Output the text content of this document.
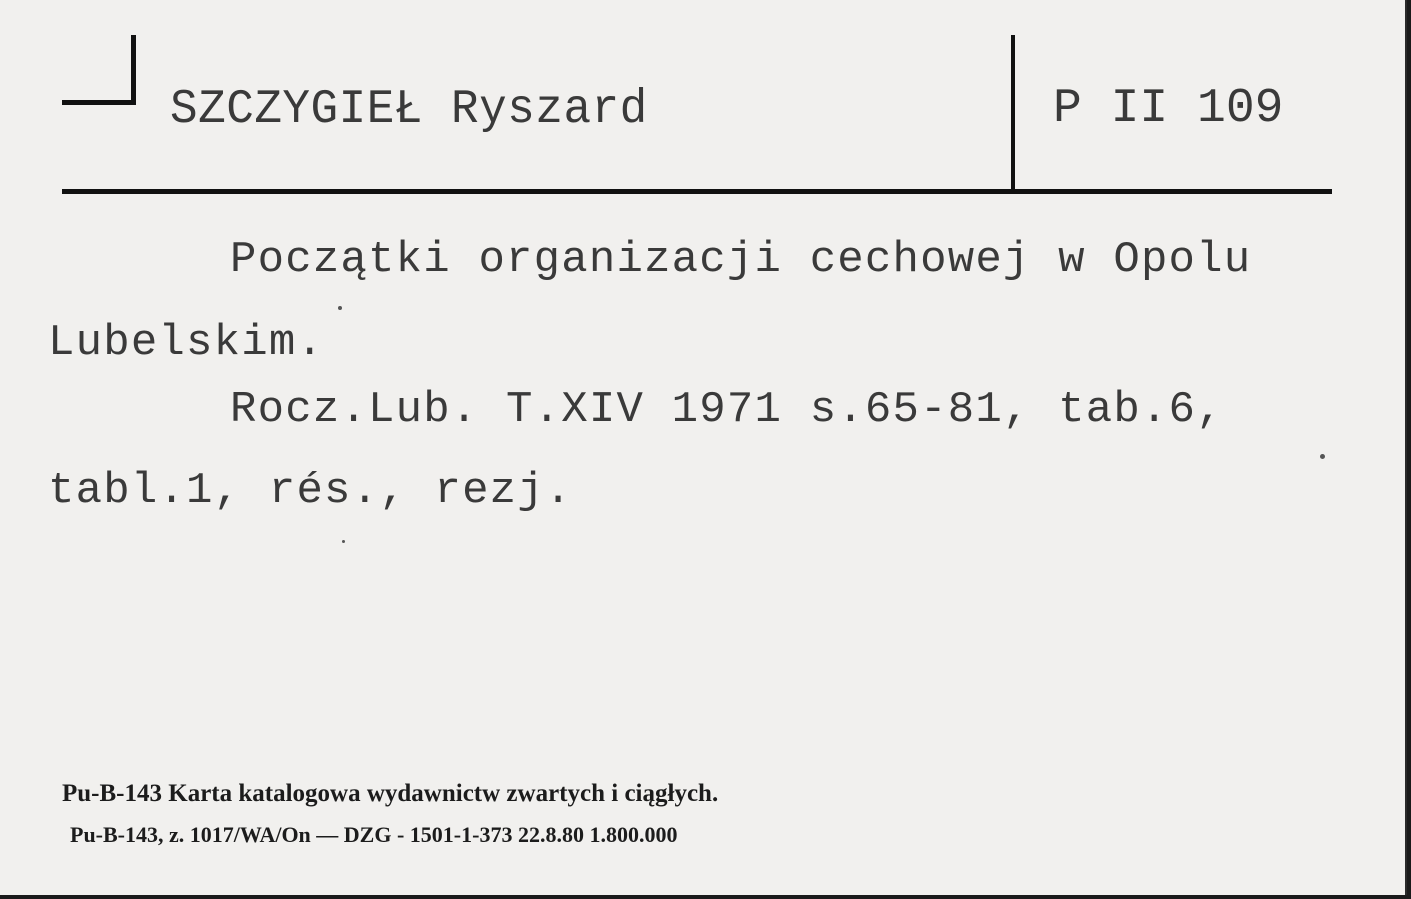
SZCZYGIEŁ Ryszard	P II 109
Początki organizacji cechowej w Opolu
Lubelskim.
Rocz.Lub. T.XIV 1971 s.65-81, tab.6,
tabl.1, rés., rezj.
Pu-B-143 Karta katalogowa wydawnictw zwartych i ciągłych.
Pu-B-143, z. 1017/WA/On — DZG - 1501-1-373 22.8.80 1.800.000
